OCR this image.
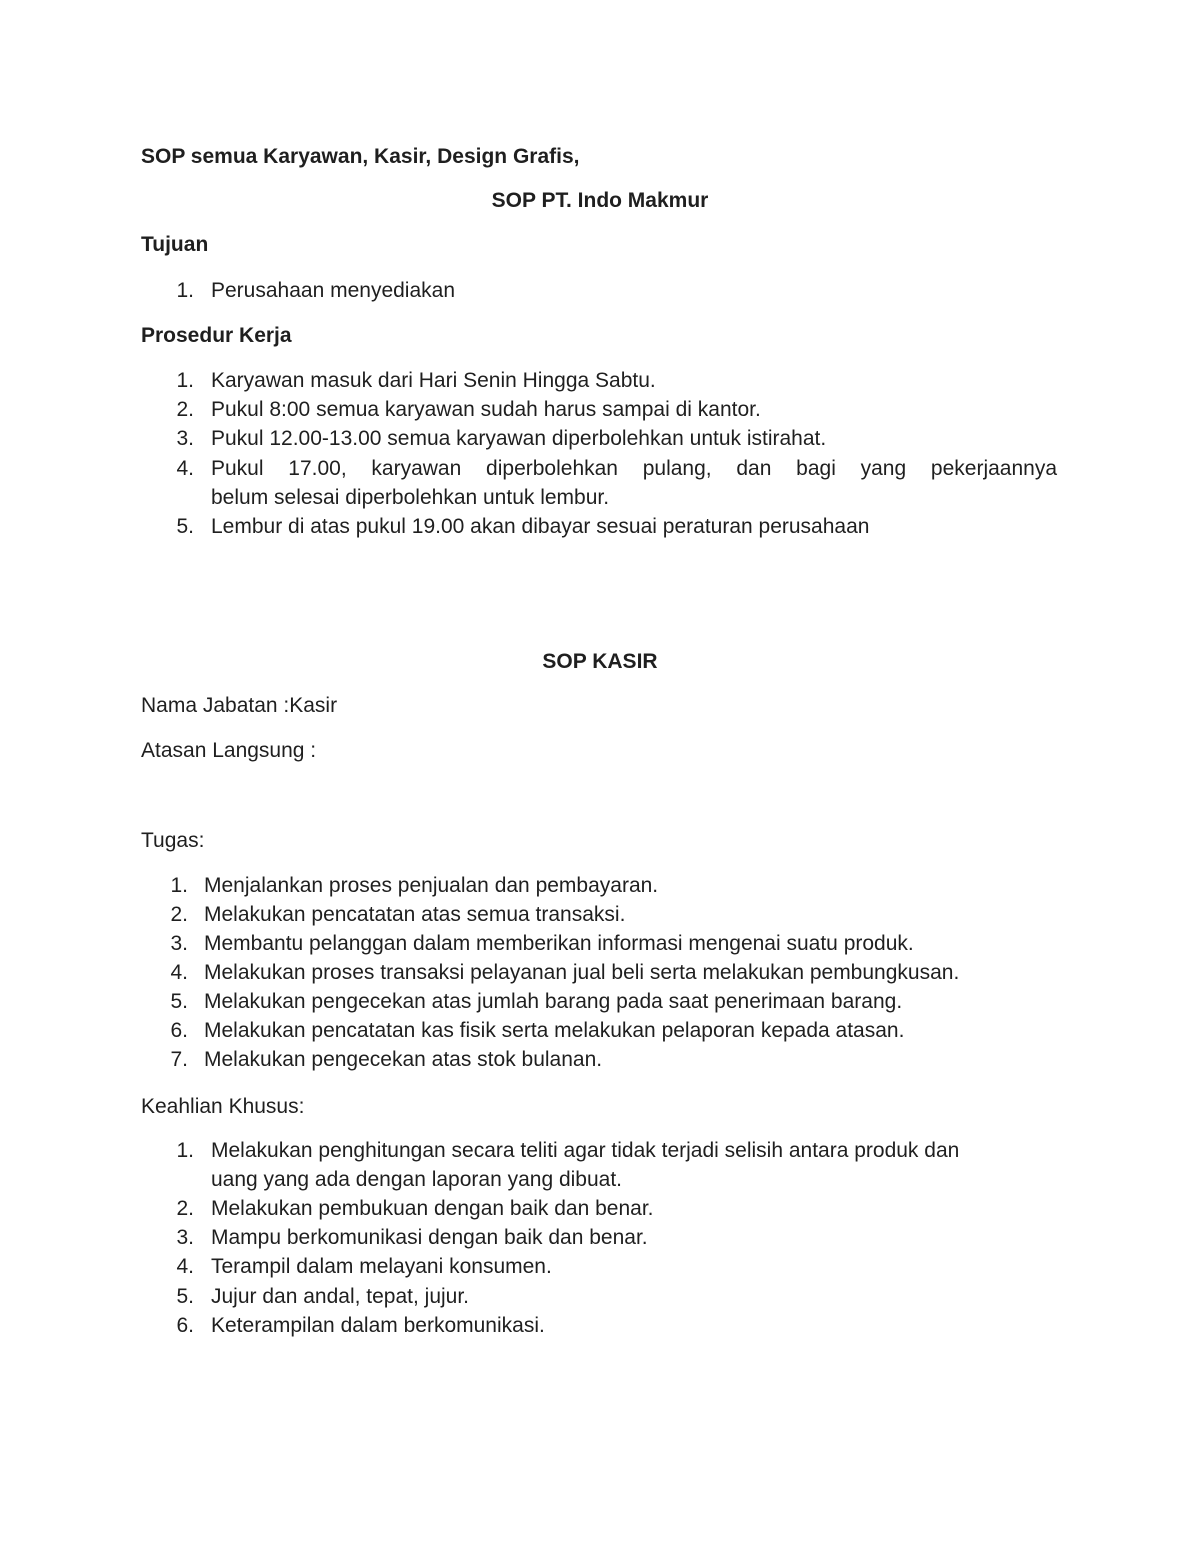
SOP semua Karyawan, Kasir, Design Grafis,
SOP PT. Indo Makmur
Tujuan
1. Perusahaan menyediakan
Prosedur Kerja
1. Karyawan masuk dari Hari Senin Hingga Sabtu.
2. Pukul 8:00 semua karyawan sudah harus sampai di kantor.
3. Pukul 12.00-13.00 semua karyawan diperbolehkan untuk istirahat.
4. Pukul 17.00, karyawan diperbolehkan pulang, dan bagi yang pekerjaannya
belum selesai diperbolehkan untuk lembur.
5. Lembur di atas pukul 19.00 akan dibayar sesuai peraturan perusahaan
SOP KASIR
Nama Jabatan :Kasir
Atasan Langsung :
Tugas:
1. Menjalankan proses penjualan dan pembayaran.
2. Melakukan pencatatan atas semua transaksi.
3. Membantu pelanggan dalam memberikan informasi mengenai suatu produk.
4. Melakukan proses transaksi pelayanan jual beli serta melakukan pembungkusan.
5. Melakukan pengecekan atas jumlah barang pada saat penerimaan barang.
6. Melakukan pencatatan kas fisik serta melakukan pelaporan kepada atasan.
7. Melakukan pengecekan atas stok bulanan.
Keahlian Khusus:
1. Melakukan penghitungan secara teliti agar tidak terjadi selisih antara produk dan
uang yang ada dengan laporan yang dibuat.
2. Melakukan pembukuan dengan baik dan benar.
3. Mampu berkomunikasi dengan baik dan benar.
4. Terampil dalam melayani konsumen.
5. Jujur dan andal, tepat, jujur.
6. Keterampilan dalam berkomunikasi.
